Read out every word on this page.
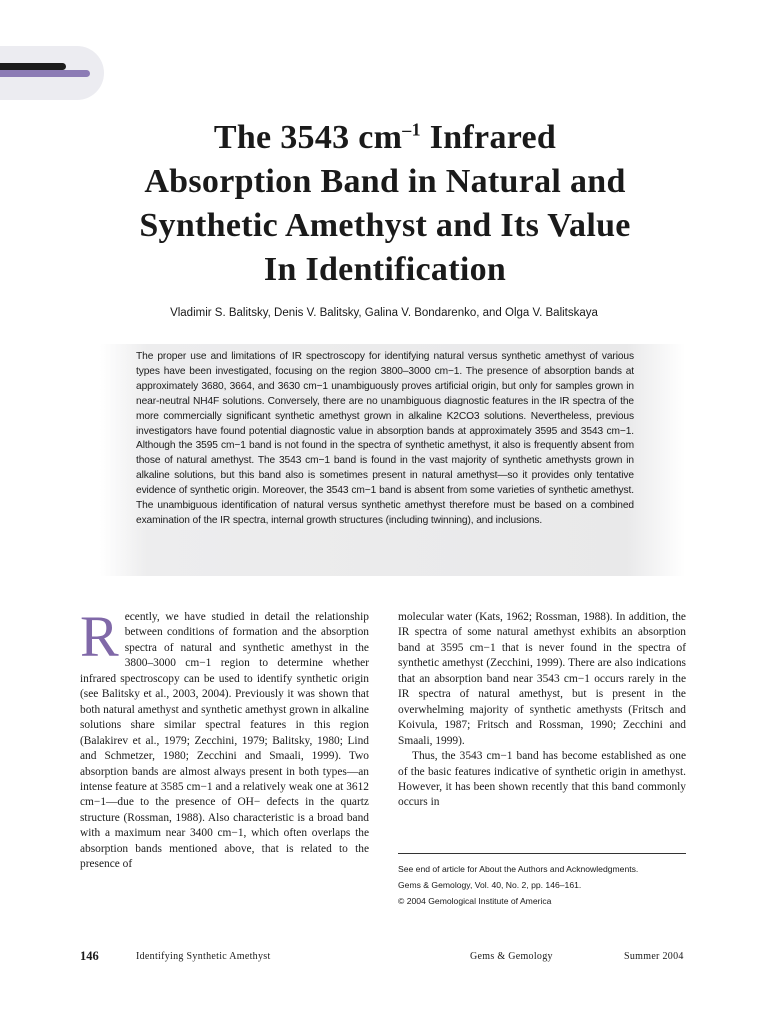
The 3543 $cm^{-1}$ Infrared
Absorption Band in Natural and
Synthetic Amethyst and Its Value
In Identification
Vladimir S. Balitsky, Denis V. Balitsky, Galina V. Bondarenko, and Olga V. Balitskaya

The proper use and limitations of IR spectroscopy for identifying natural versus synthetic amethyst of various types have been investigated, focusing on the region 3800–3000 cm−1. The presence of absorption bands at approximately 3680, 3664, and 3630 cm−1 unambiguously proves artificial origin, but only for samples grown in near-neutral NH4F solutions. Conversely, there are no unambiguous diagnostic features in the IR spectra of the more commercially significant synthetic amethyst grown in alkaline K2CO3 solutions. Nevertheless, previous investigators have found potential diagnostic value in absorption bands at approximately 3595 and 3543 cm−1. Although the 3595 cm−1 band is not found in the spectra of synthetic amethyst, it also is frequently absent from those of natural amethyst. The 3543 cm−1 band is found in the vast majority of synthetic amethysts grown in alkaline solutions, but this band also is sometimes present in natural amethyst—so it provides only tentative evidence of synthetic origin. Moreover, the 3543 cm−1 band is absent from some varieties of synthetic amethyst. The unambiguous identification of natural versus synthetic amethyst therefore must be based on a combined examination of the IR spectra, internal growth structures (including twinning), and inclusions.

R ecently, we have studied in detail the relationship between conditions of formation and the absorption spectra of natural and synthetic amethyst in the 3800–3000 cm−1 region to determine whether infrared spectroscopy can be used to identify synthetic origin (see Balitsky et al., 2003, 2004). Previously it was shown that both natural amethyst and synthetic amethyst grown in alkaline solutions share similar spectral features in this region (Balakirev et al., 1979; Zecchini, 1979; Balitsky, 1980; Lind and Schmetzer, 1980; Zecchini and Smaali, 1999). Two absorption bands are almost always present in both types—an intense feature at 3585 cm−1 and a relatively weak one at 3612 cm−1—due to the presence of OH− defects in the quartz structure (Rossman, 1988). Also characteristic is a broad band with a maximum near 3400 cm−1, which often overlaps the absorption bands mentioned above, that is related to the presence of
molecular water (Kats, 1962; Rossman, 1988). In addition, the IR spectra of some natural amethyst exhibits an absorption band at 3595 cm−1 that is never found in the spectra of synthetic amethyst (Zecchini, 1999). There are also indications that an absorption band near 3543 cm−1 occurs rarely in the IR spectra of natural amethyst, but is present in the overwhelming majority of synthetic amethysts (Fritsch and Koivula, 1987; Fritsch and Rossman, 1990; Zecchini and Smaali, 1999).
Thus, the 3543 cm−1 band has become established as one of the basic features indicative of synthetic origin in amethyst. However, it has been shown recently that this band commonly occurs in
See end of article for About the Authors and Acknowledgments.
Gems & Gemology, Vol. 40, No. 2, pp. 146–161.
© 2004 Gemological Institute of America
146	Identifying Synthetic Amethyst	Gems & Gemology	Summer 2004
